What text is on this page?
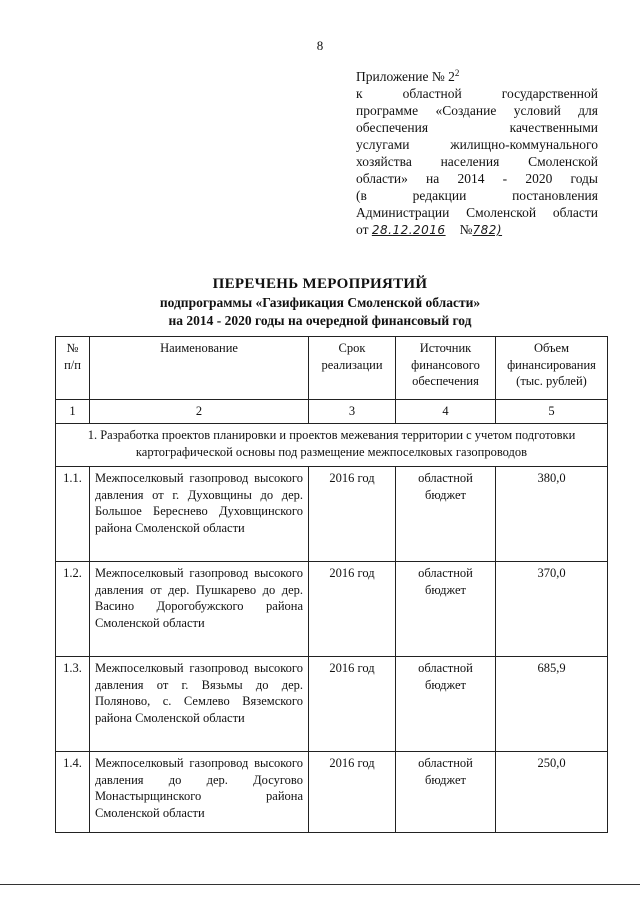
8
Приложение № $2^2$
к областной государственной
программе «Создание условий для
обеспечения качественными
услугами жилищно-коммунального
хозяйства населения Смоленской
области» на 2014 - 2020 годы
(в редакции постановления
Администрации Смоленской области
от 28.12.2016 №782)
ПЕРЕЧЕНЬ МЕРОПРИЯТИЙ
подпрограммы «Газификация Смоленской области»
на 2014 - 2020 годы на очередной финансовый год
№ п/п	Наименование	Срок реализации	Источник финансового обеспечения	Объем финансирования (тыс. рублей)
1	2	3	4	5
1. Разработка проектов планировки и проектов межевания территории с учетом подготовки картографической основы под размещение межпоселковых газопроводов				
1.1.	Межпоселковый газопровод высокого давления от г. Духовщины до дер. Большое Береснево Духовщинского района Смоленской области	2016 год	областной бюджет	380,0
1.2.	Межпоселковый газопровод высокого давления от дер. Пушкарево до дер. Васино Дорогобужского района Смоленской области	2016 год	областной бюджет	370,0
1.3.	Межпоселковый газопровод высокого давления от г. Вязьмы до дер. Поляново, с. Семлево Вяземского района Смоленской области	2016 год	областной бюджет	685,9
1.4.	Межпоселковый газопровод высокого давления до дер. Досугово Монастырщинского района Смоленской области	2016 год	областной бюджет	250,0
